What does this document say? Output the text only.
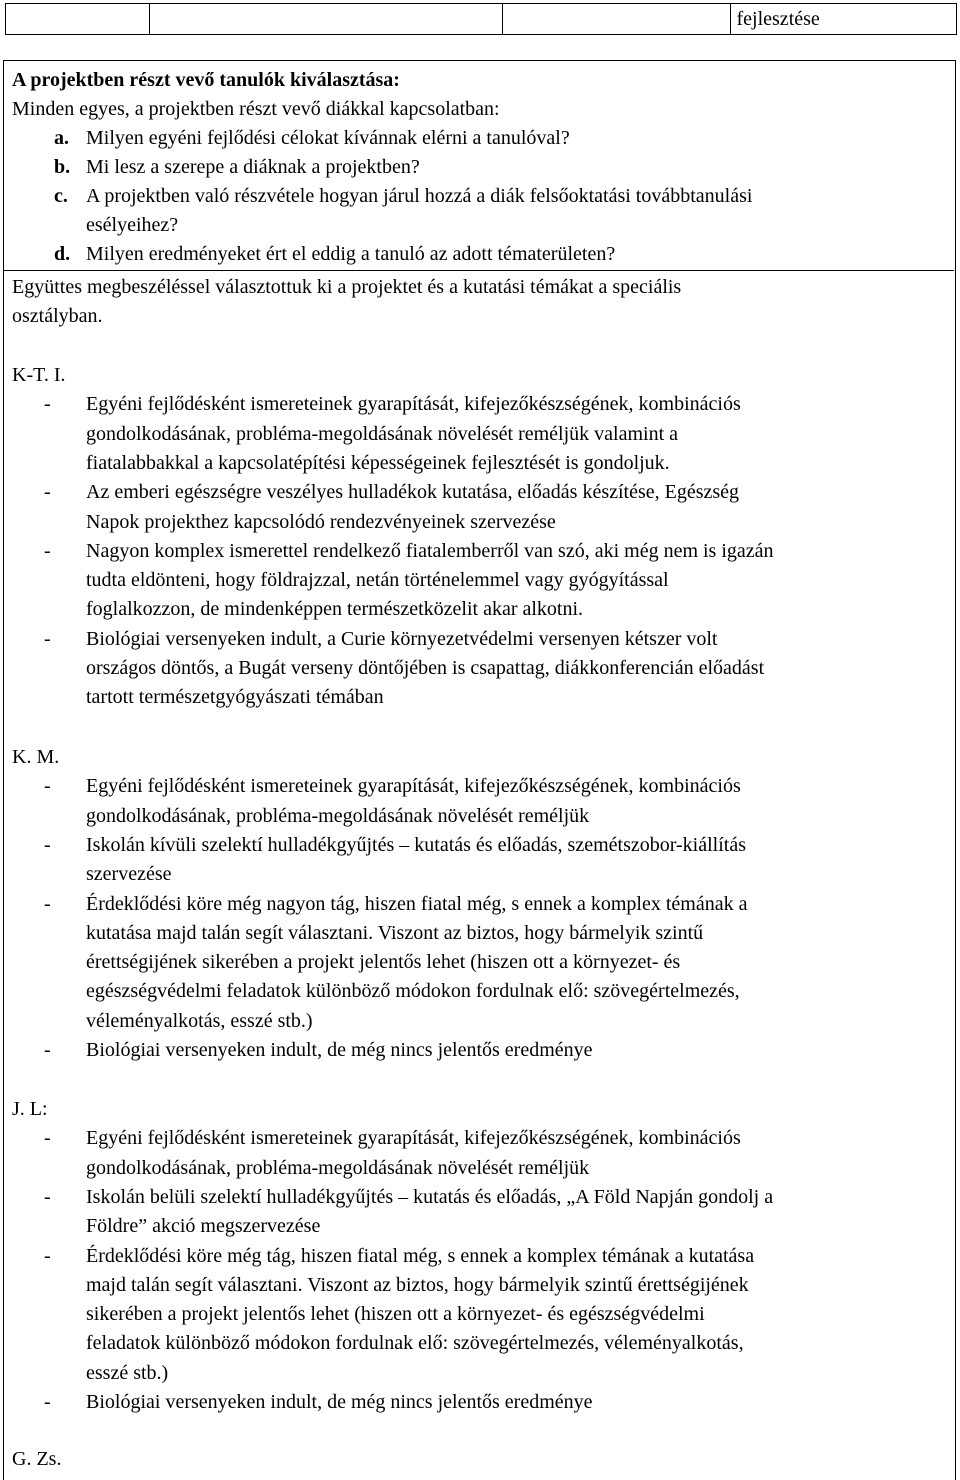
			fejlesztése
A projektben részt vevő tanulók kiválasztása:
Minden egyes, a projektben részt vevő diákkal kapcsolatban:
a. Milyen egyéni fejlődési célokat kívánnak elérni a tanulóval?
b. Mi lesz a szerepe a diáknak a projektben?
c. A projektben való részvétele hogyan járul hozzá a diák felsőoktatási továbbtanulási
esélyeihez?
d. Milyen eredményeket ért el eddig a tanuló az adott tématerületen?
Együttes megbeszéléssel választottuk ki a projektet és a kutatási témákat a speciális
osztályban.
K-T. I.
- Egyéni fejlődésként ismereteinek gyarapítását, kifejezőkészségének, kombinációs
gondolkodásának, probléma-megoldásának növelését reméljük valamint a
fiatalabbakkal a kapcsolatépítési képességeinek fejlesztését is gondoljuk.
- Az emberi egészségre veszélyes hulladékok kutatása, előadás készítése, Egészség
Napok projekthez kapcsolódó rendezvényeinek szervezése
- Nagyon komplex ismerettel rendelkező fiatalemberről van szó, aki még nem is igazán
tudta eldönteni, hogy földrajzzal, netán történelemmel vagy gyógyítással
foglalkozzon, de mindenképpen természetközelit akar alkotni.
- Biológiai versenyeken indult, a Curie környezetvédelmi versenyen kétszer volt
országos döntős, a Bugát verseny döntőjében is csapattag, diákkonferencián előadást
tartott természetgyógyászati témában
K. M.
- Egyéni fejlődésként ismereteinek gyarapítását, kifejezőkészségének, kombinációs
gondolkodásának, probléma-megoldásának növelését reméljük
- Iskolán kívüli szelektí hulladékgyűjtés – kutatás és előadás, szemétszobor-kiállítás
szervezése
- Érdeklődési köre még nagyon tág, hiszen fiatal még, s ennek a komplex témának a
kutatása majd talán segít választani. Viszont az biztos, hogy bármelyik szintű
érettségijének sikerében a projekt jelentős lehet (hiszen ott a környezet- és
egészségvédelmi feladatok különböző módokon fordulnak elő: szövegértelmezés,
véleményalkotás, esszé stb.)
- Biológiai versenyeken indult, de még nincs jelentős eredménye
J. L:
- Egyéni fejlődésként ismereteinek gyarapítását, kifejezőkészségének, kombinációs
gondolkodásának, probléma-megoldásának növelését reméljük
- Iskolán belüli szelektí hulladékgyűjtés – kutatás és előadás, „A Föld Napján gondolj a
Földre” akció megszervezése
- Érdeklődési köre még tág, hiszen fiatal még, s ennek a komplex témának a kutatása
majd talán segít választani. Viszont az biztos, hogy bármelyik szintű érettségijének
sikerében a projekt jelentős lehet (hiszen ott a környezet- és egészségvédelmi
feladatok különböző módokon fordulnak elő: szövegértelmezés, véleményalkotás,
esszé stb.)
- Biológiai versenyeken indult, de még nincs jelentős eredménye
G. Zs.
